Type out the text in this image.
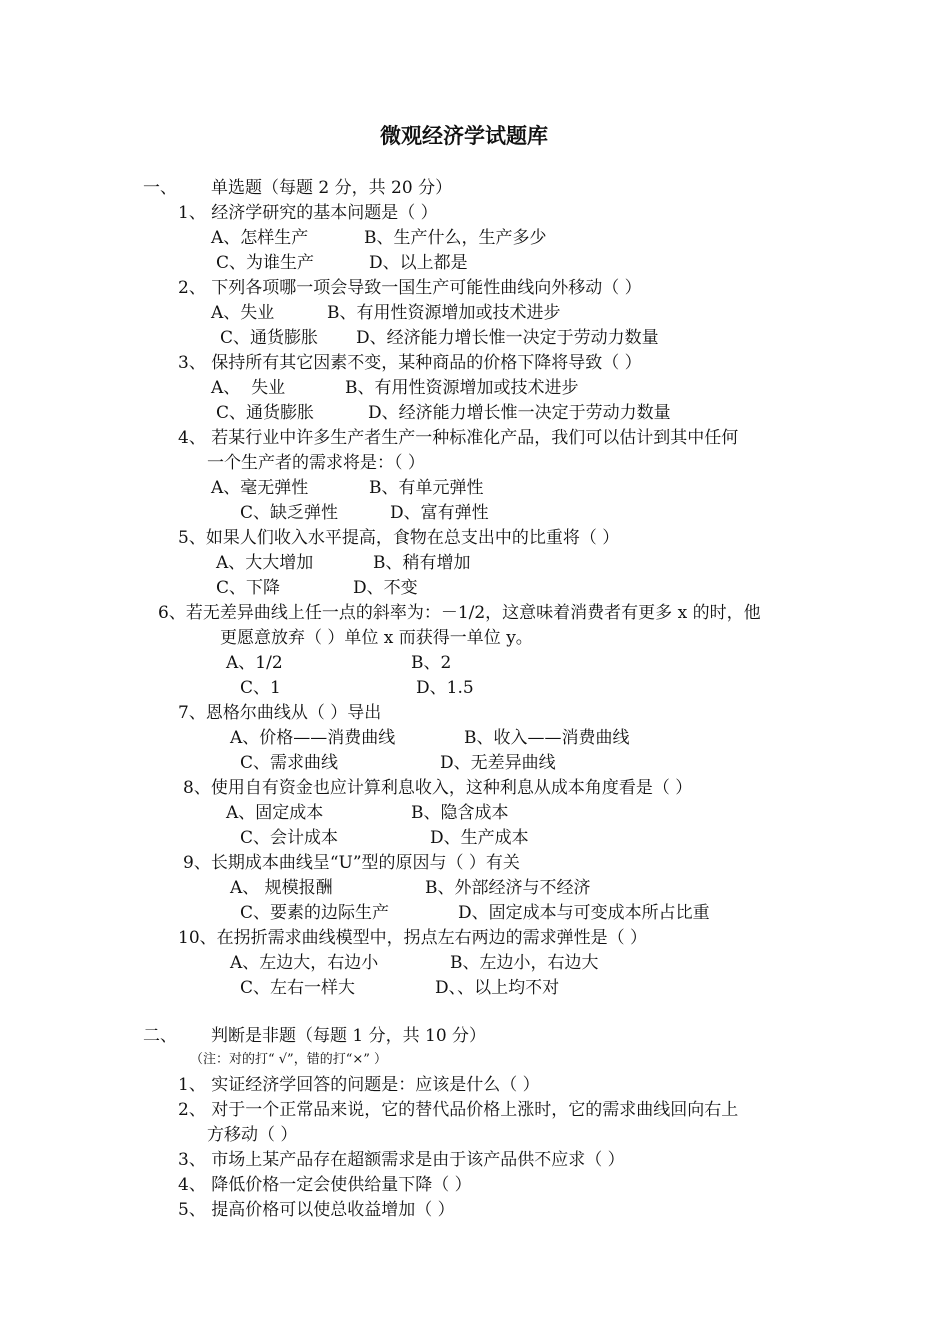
微观经济学试题库
一、 单选题（每题 2 分，共 20 分）
1、 经济学研究的基本问题是（ ）
A、怎样生产	B、生产什么，生产多少
C、为谁生产	D、以上都是
2、 下列各项哪一项会导致一国生产可能性曲线向外移动（ ）
A、失业	B、有用性资源增加或技术进步
C、通货膨胀 D、经济能力增长惟一决定于劳动力数量
3、 保持所有其它因素不变，某种商品的价格下降将导致（ ）
A、  失业	B、有用性资源增加或技术进步
C、通货膨胀	D、经济能力增长惟一决定于劳动力数量
4、 若某行业中许多生产者生产一种标准化产品，我们可以估计到其中任何
一个生产者的需求将是：（ ）
A、毫无弹性	B、有单元弹性
C、缺乏弹性	D、富有弹性
5、如果人们收入水平提高，食物在总支出中的比重将（ ）
A、大大增加	B、稍有增加
C、下降	D、不变
6、若无差异曲线上任一点的斜率为：－1/2，这意味着消费者有更多 x 的时，他
更愿意放弃（ ）单位 x 而获得一单位 y。
A、1/2	B、2
C、1	D、1.5
7、恩格尔曲线从（ ）导出
A、价格——消费曲线	B、收入——消费曲线
C、需求曲线	D、无差异曲线
8、使用自有资金也应计算利息收入，这种利息从成本角度看是（ ）
A、固定成本	B、隐含成本
C、会计成本	D、生产成本
9、长期成本曲线呈“U”型的原因与（ ）有关
A、 规模报酬	B、外部经济与不经济
C、要素的边际生产	D、固定成本与可变成本所占比重
10、在拐折需求曲线模型中，拐点左右两边的需求弹性是（ ）
A、左边大，右边小	B、左边小，右边大
C、左右一样大	D、、以上均不对
二、 判断是非题（每题 1 分，共 10 分）
（注：对的打“ √”，错的打“×” ）
1、 实证经济学回答的问题是：应该是什么（ ）
2、 对于一个正常品来说，它的替代品价格上涨时，它的需求曲线回向右上
方移动（ ）
3、 市场上某产品存在超额需求是由于该产品供不应求（ ）
4、 降低价格一定会使供给量下降（ ）
5、 提高价格可以使总收益增加（ ）
